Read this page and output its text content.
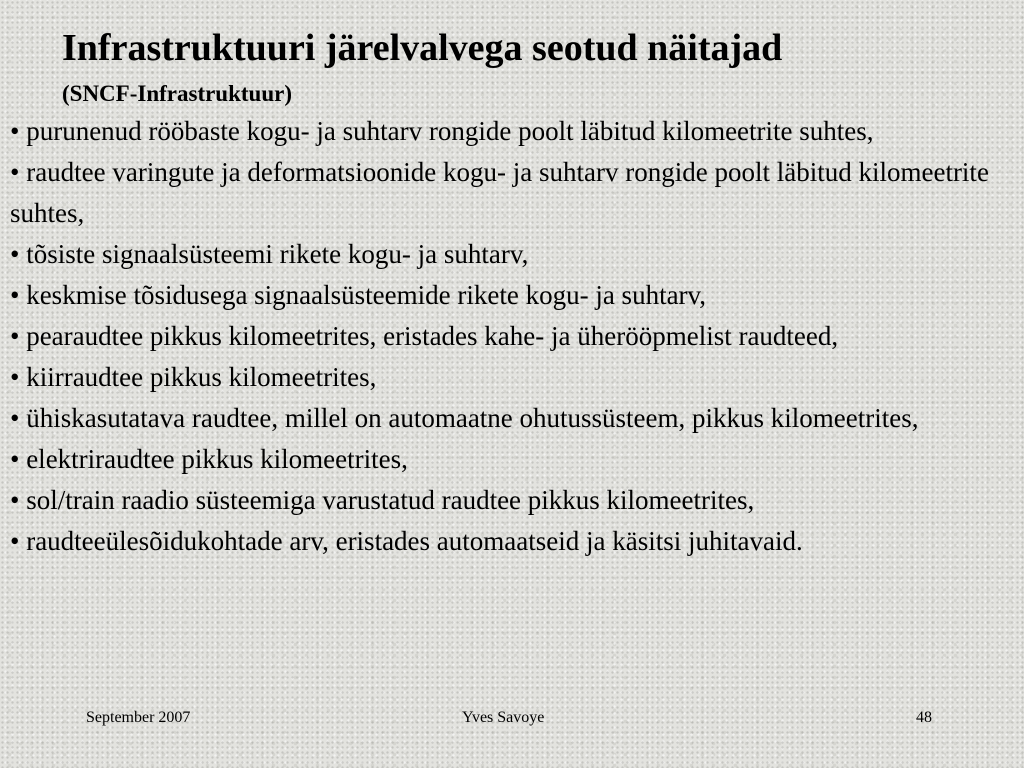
Infrastruktuuri järelvalvega seotud näitajad
(SNCF-Infrastruktuur)
• purunenud rööbaste kogu- ja suhtarv rongide poolt läbitud kilomeetrite suhtes,
• raudtee varingute ja deformatsioonide kogu- ja suhtarv rongide poolt läbitud kilomeetrite suhtes,
• tõsiste signaalsüsteemi rikete kogu- ja suhtarv,
• keskmise tõsidusega signaalsüsteemide rikete kogu- ja suhtarv,
• pearaudtee pikkus kilomeetrites, eristades kahe- ja üherööpmelist raudteed,
• kiirraudtee pikkus kilomeetrites,
• ühiskasutatava raudtee, millel on automaatne ohutussüsteem, pikkus kilomeetrites,
• elektriraudtee pikkus kilomeetrites,
• sol/train raadio süsteemiga varustatud raudtee pikkus kilomeetrites,
• raudteeülesõidukohtade arv, eristades automaatseid ja käsitsi juhitavaid.
September 2007	Yves Savoye	48
